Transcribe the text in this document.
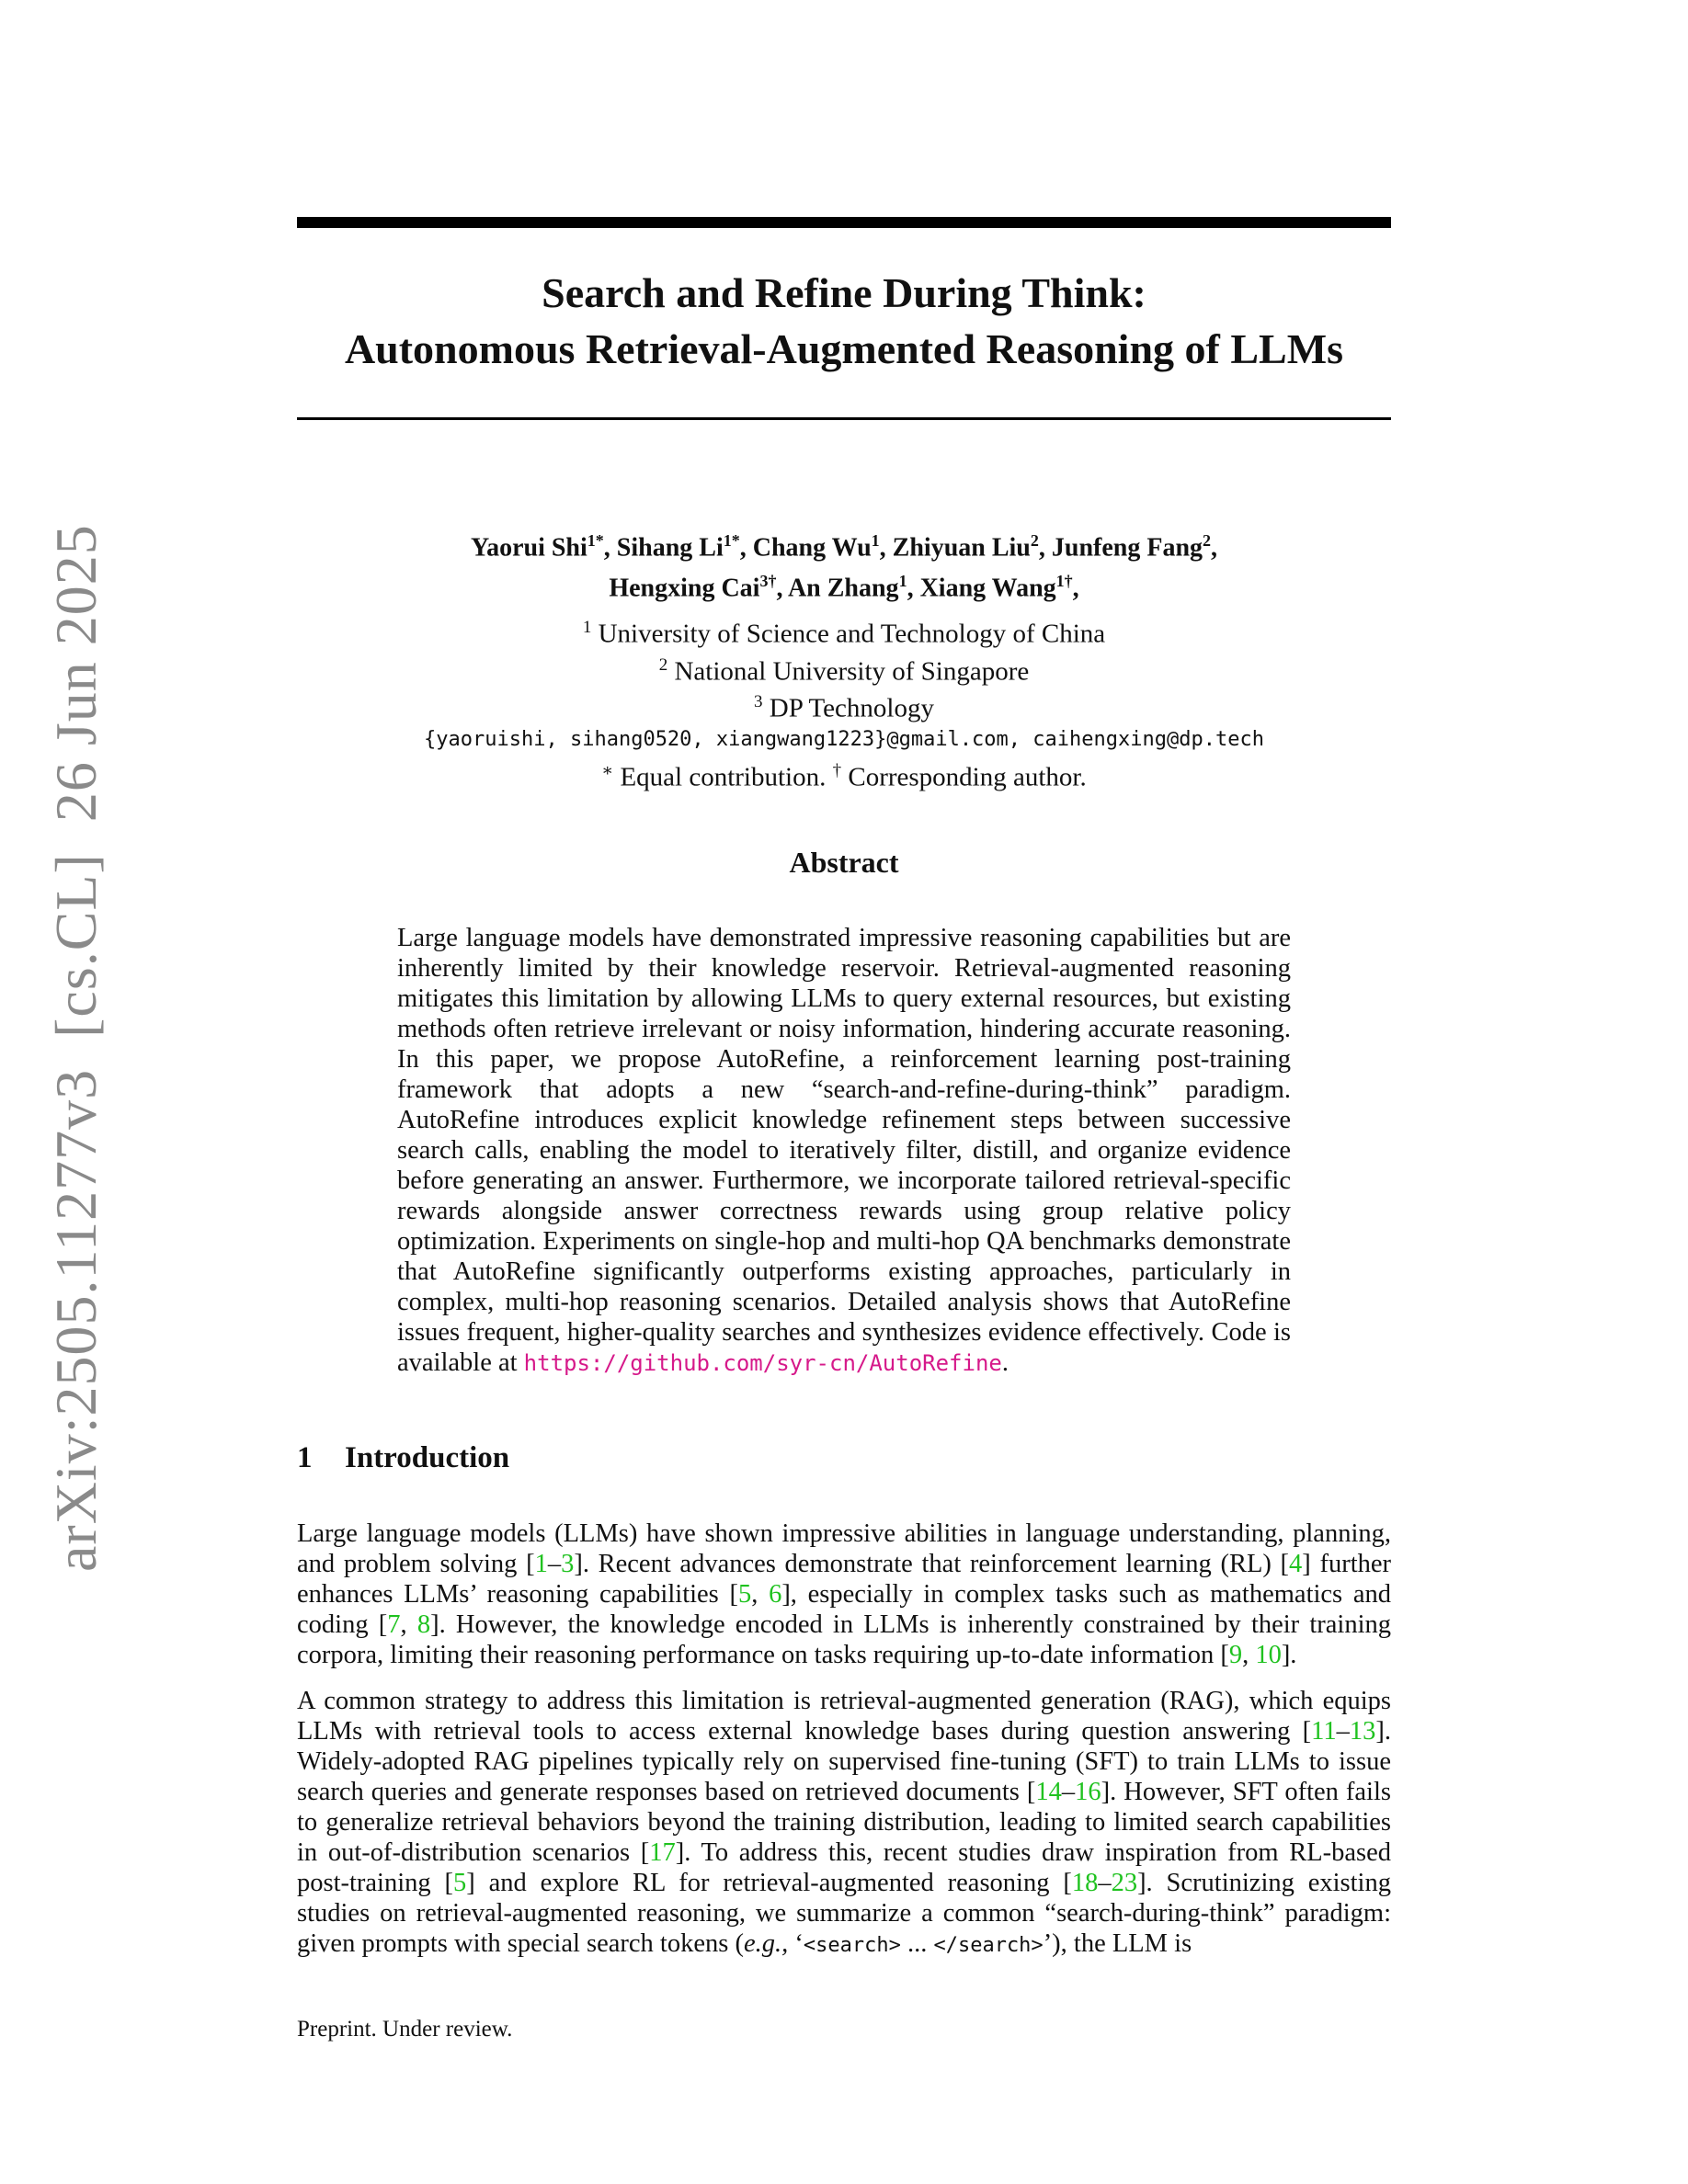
arXiv:2505.11277v3  [cs.CL]  26 Jun 2025
Search and Refine During Think:
Autonomous Retrieval-Augmented Reasoning of LLMs
Yaorui Shi$^{1*}$, Sihang $Li^{1*}$, Chang Wu$^1$, Zhiyuan Liu$^2$, Junfeng Fang$^2$,
Hengxing Cai$^{3\dagger}$, An Zhang$^1$, Xiang Wang$^{1\dagger}$,
$^1$ University of Science and Technology of China
$^2$ National University of Singapore
$^3$ DP Technology
{yaoruishi, sihang0520, xiangwang1223}@gmail.com, caihengxing@dp.tech
∗ Equal contribution. † Corresponding author.
Abstract
Large language models have demonstrated impressive reasoning capabilities but are inherently limited by their knowledge reservoir. Retrieval-augmented reasoning mitigates this limitation by allowing LLMs to query external resources, but existing methods often retrieve irrelevant or noisy information, hindering accurate reasoning. In this paper, we propose AutoRefine, a reinforcement learning post-training framework that adopts a new “search-and-refine-during-think” paradigm. AutoRefine introduces explicit knowledge refinement steps between successive search calls, enabling the model to iteratively filter, distill, and organize evidence before generating an answer. Furthermore, we incorporate tailored retrieval-specific rewards alongside answer correctness rewards using group relative policy optimization. Experiments on single-hop and multi-hop QA benchmarks demonstrate that AutoRefine significantly outperforms existing approaches, particularly in complex, multi-hop reasoning scenarios. Detailed analysis shows that AutoRefine issues frequent, higher-quality searches and synthesizes evidence effectively. Code is available at https://github.com/syr-cn/AutoRefine.
1 Introduction
Large language models (LLMs) have shown impressive abilities in language understanding, planning, and problem solving [1–3]. Recent advances demonstrate that reinforcement learning (RL) [4] further enhances LLMs’ reasoning capabilities [5, 6], especially in complex tasks such as mathematics and coding [7, 8]. However, the knowledge encoded in LLMs is inherently constrained by their training corpora, limiting their reasoning performance on tasks requiring up-to-date information [9, 10].
A common strategy to address this limitation is retrieval-augmented generation (RAG), which equips LLMs with retrieval tools to access external knowledge bases during question answering [11–13]. Widely-adopted RAG pipelines typically rely on supervised fine-tuning (SFT) to train LLMs to issue search queries and generate responses based on retrieved documents [14–16]. However, SFT often fails to generalize retrieval behaviors beyond the training distribution, leading to limited search capabilities in out-of-distribution scenarios [17]. To address this, recent studies draw inspiration from RL-based post-training [5] and explore RL for retrieval-augmented reasoning [18–23]. Scrutinizing existing studies on retrieval-augmented reasoning, we summarize a common “search-during-think” paradigm: given prompts with special search tokens (e.g., ‘<search> ... </search>’), the LLM is
Preprint. Under review.
